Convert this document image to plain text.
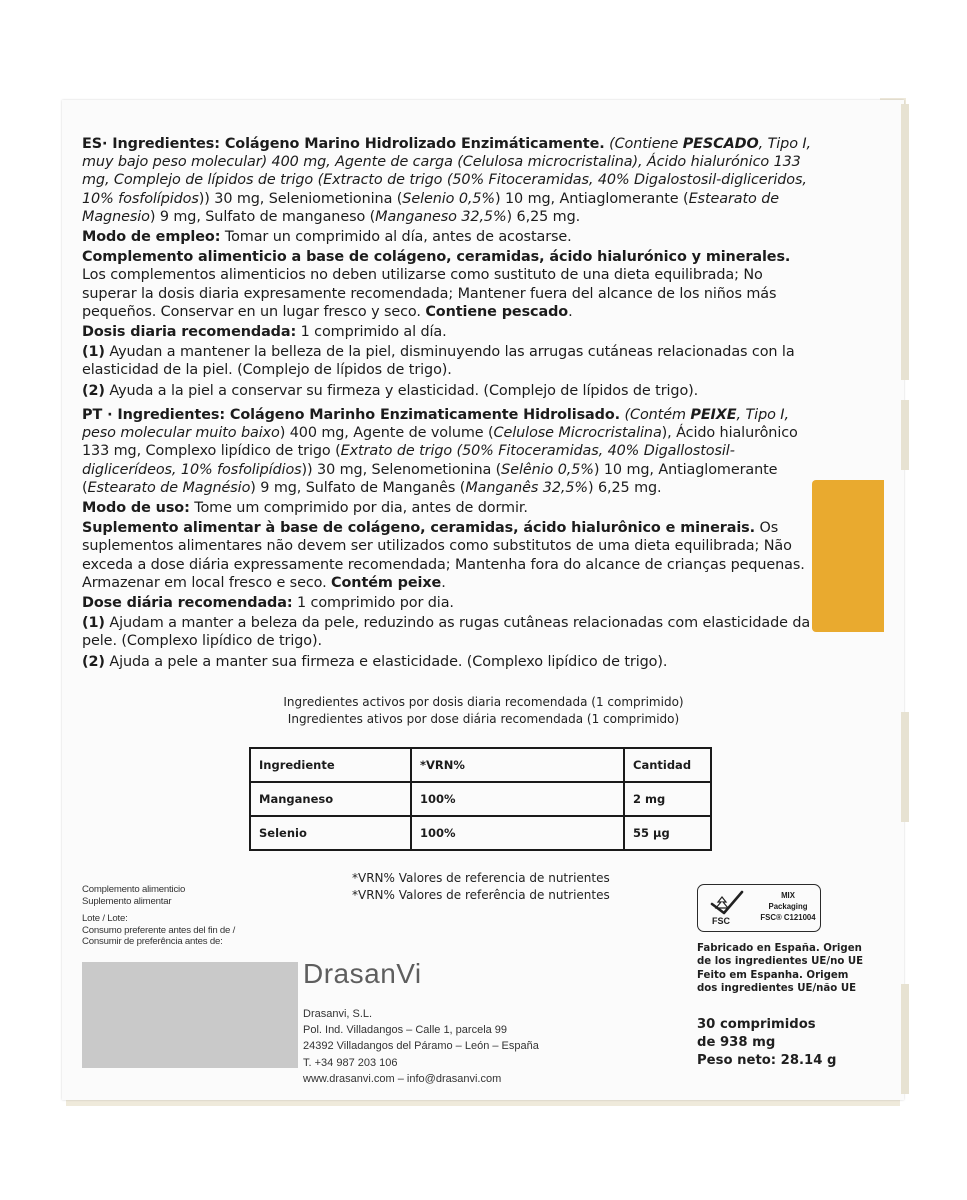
ES· Ingredientes: Colágeno Marino Hidrolizado Enzimáticamente. (Contiene PESCADO, Tipo I, muy bajo peso molecular) 400 mg, Agente de carga (Celulosa microcristalina), Ácido hialurónico 133 mg, Complejo de lípidos de trigo (Extracto de trigo (50% Fitoceramidas, 40% Digalostosil-digliceridos, 10% fosfolípidos)) 30 mg, Seleniometionina (Selenio 0,5%) 10 mg, Antiaglomerante (Estearato de Magnesio) 9 mg, Sulfato de manganeso (Manganeso 32,5%) 6,25 mg.

Modo de empleo: Tomar un comprimido al día, antes de acostarse.

Complemento alimenticio a base de colágeno, ceramidas, ácido hialurónico y minerales. Los complementos alimenticios no deben utilizarse como sustituto de una dieta equilibrada; No superar la dosis diaria expresamente recomendada; Mantener fuera del alcance de los niños más pequeños. Conservar en un lugar fresco y seco. Contiene pescado.

Dosis diaria recomendada: 1 comprimido al día.

(1) Ayudan a mantener la belleza de la piel, disminuyendo las arrugas cutáneas relacionadas con la elasticidad de la piel. (Complejo de lípidos de trigo).

(2) Ayuda a la piel a conservar su firmeza y elasticidad. (Complejo de lípidos de trigo).

PT · Ingredientes: Colágeno Marinho Enzimaticamente Hidrolisado. (Contém PEIXE, Tipo I, peso molecular muito baixo) 400 mg, Agente de volume (Celulose Microcristalina), Ácido hialurônico 133 mg, Complexo lipídico de trigo (Extrato de trigo (50% Fitoceramidas, 40% Digallostosil-diglicerídeos, 10% fosfolipídios)) 30 mg, Selenometionina (Selênio 0,5%) 10 mg, Antiaglomerante (Estearato de Magnésio) 9 mg, Sulfato de Manganês (Manganês 32,5%) 6,25 mg.

Modo de uso: Tome um comprimido por dia, antes de dormir.

Suplemento alimentar à base de colágeno, ceramidas, ácido hialurônico e minerais. Os suplementos alimentares não devem ser utilizados como substitutos de uma dieta equilibrada; Não exceda a dose diária expressamente recomendada; Mantenha fora do alcance de crianças pequenas. Armazenar em local fresco e seco. Contém peixe.

Dose diária recomendada: 1 comprimido por dia.

(1) Ajudam a manter a beleza da pele, reduzindo as rugas cutâneas relacionadas com elasticidade da pele. (Complexo lipídico de trigo).

(2) Ajuda a pele a manter sua firmeza e elasticidade. (Complexo lipídico de trigo).

Ingredientes activos por dosis diaria recomendada (1 comprimido)
Ingredientes ativos por dose diária recomendada (1 comprimido)
Ingrediente	*VRN%	Cantidad
Manganeso	100%	2 mg
Selenio	100%	55 µg
*VRN% Valores de referencia de nutrientes
*VRN% Valores de referência de nutrientes
Complemento alimenticio
Suplemento alimentar
Lote / Lote:
Consumo preferente antes del fin de /
Consumir de preferência antes de:
DrasanVi
Drasanvi, S.L.
Pol. Ind. Villadangos – Calle 1, parcela 99
24392 Villadangos del Páramo – León – España
T. +34 987 203 106
www.drasanvi.com – info@drasanvi.com
FSC
MIX
Packaging
FSC® C121004
Fabricado en España. Origen
de los ingredientes UE/no UE
Feito em Espanha. Origem
dos ingredientes UE/não UE
30 comprimidos
de 938 mg
Peso neto: 28.14 g
